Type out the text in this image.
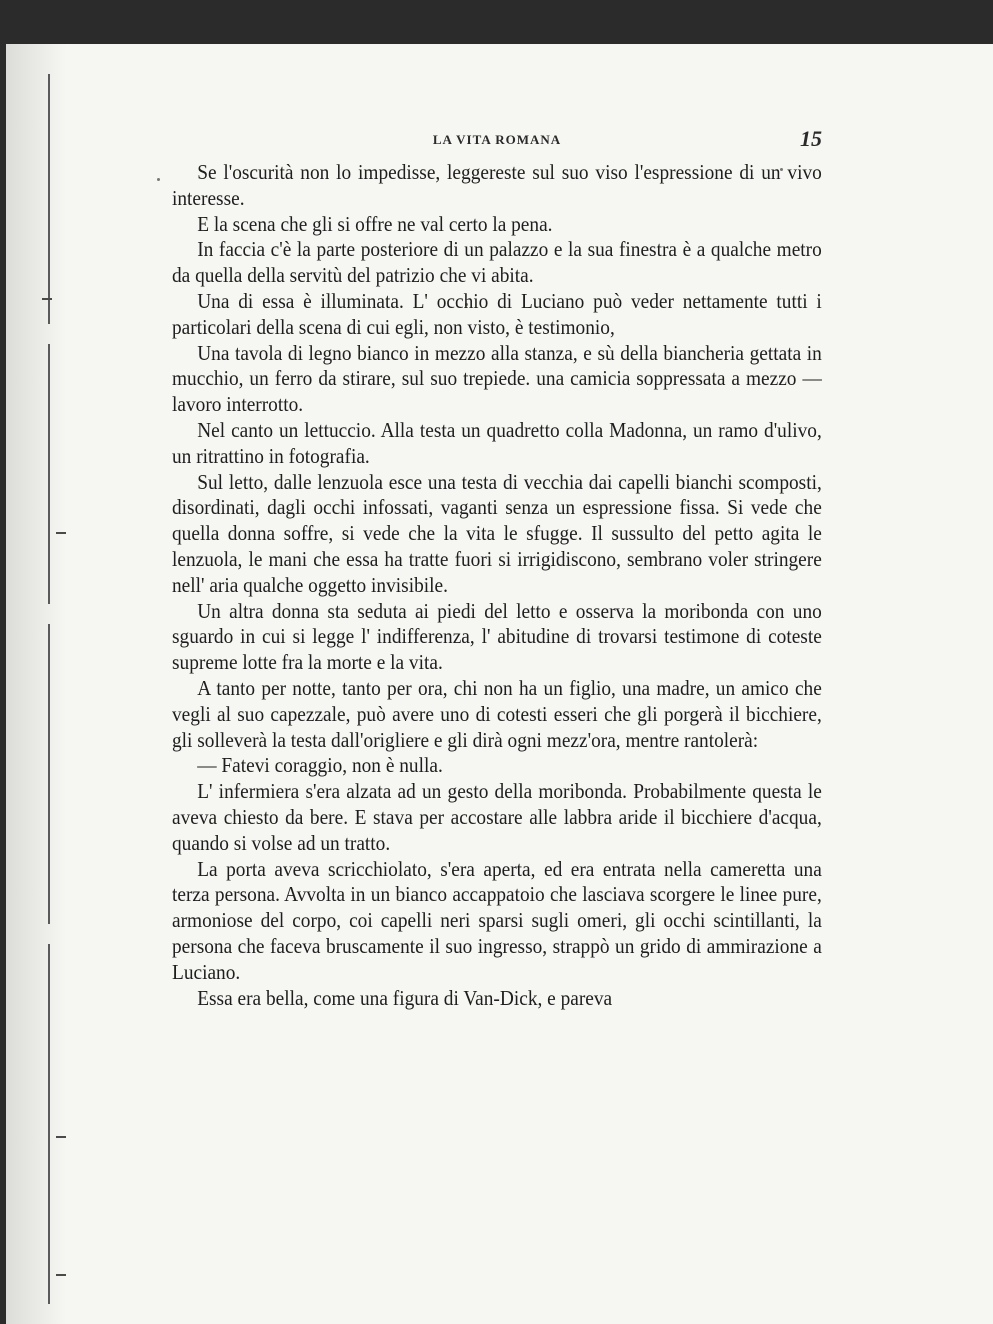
LA VITA ROMANA	15

Se l'oscurità non lo impedisse, leggereste sul suo viso l'espressione di un vivo interesse.

E la scena che gli si offre ne val certo la pena.

In faccia c'è la parte posteriore di un palazzo e la sua finestra è a qualche metro da quella della servitù del patrizio che vi abita.

Una di essa è illuminata. L' occhio di Luciano può veder nettamente tutti i particolari della scena di cui egli, non visto, è testimonio,

Una tavola di legno bianco in mezzo alla stanza, e sù della biancheria gettata in mucchio, un ferro da stirare, sul suo trepiede. una camicia soppressata a mezzo — lavoro interrotto.

Nel canto un lettuccio. Alla testa un quadretto colla Madonna, un ramo d'ulivo, un ritrattino in fotografia.

Sul letto, dalle lenzuola esce una testa di vecchia dai capelli bianchi scomposti, disordinati, dagli occhi infossati, vaganti senza un espressione fissa. Si vede che quella donna soffre, si vede che la vita le sfugge. Il sussulto del petto agita le lenzuola, le mani che essa ha tratte fuori si irrigidiscono, sembrano voler stringere nell' aria qualche oggetto invisibile.

Un altra donna sta seduta ai piedi del letto e osserva la moribonda con uno sguardo in cui si legge l' indifferenza, l' abitudine di trovarsi testimone di coteste supreme lotte fra la morte e la vita.

A tanto per notte, tanto per ora, chi non ha un figlio, una madre, un amico che vegli al suo capezzale, può avere uno di cotesti esseri che gli porgerà il bicchiere, gli solleverà la testa dall'origliere e gli dirà ogni mezz'ora, mentre rantolerà:

— Fatevi coraggio, non è nulla.

L' infermiera s'era alzata ad un gesto della moribonda. Probabilmente questa le aveva chiesto da bere. E stava per accostare alle labbra aride il bicchiere d'acqua, quando si volse ad un tratto.

La porta aveva scricchiolato, s'era aperta, ed era entrata nella cameretta una terza persona. Avvolta in un bianco accappatoio che lasciava scorgere le linee pure, armoniose del corpo, coi capelli neri sparsi sugli omeri, gli occhi scintillanti, la persona che faceva bruscamente il suo ingresso, strappò un grido di ammirazione a Luciano.

Essa era bella, come una figura di Van-Dick, e pareva
